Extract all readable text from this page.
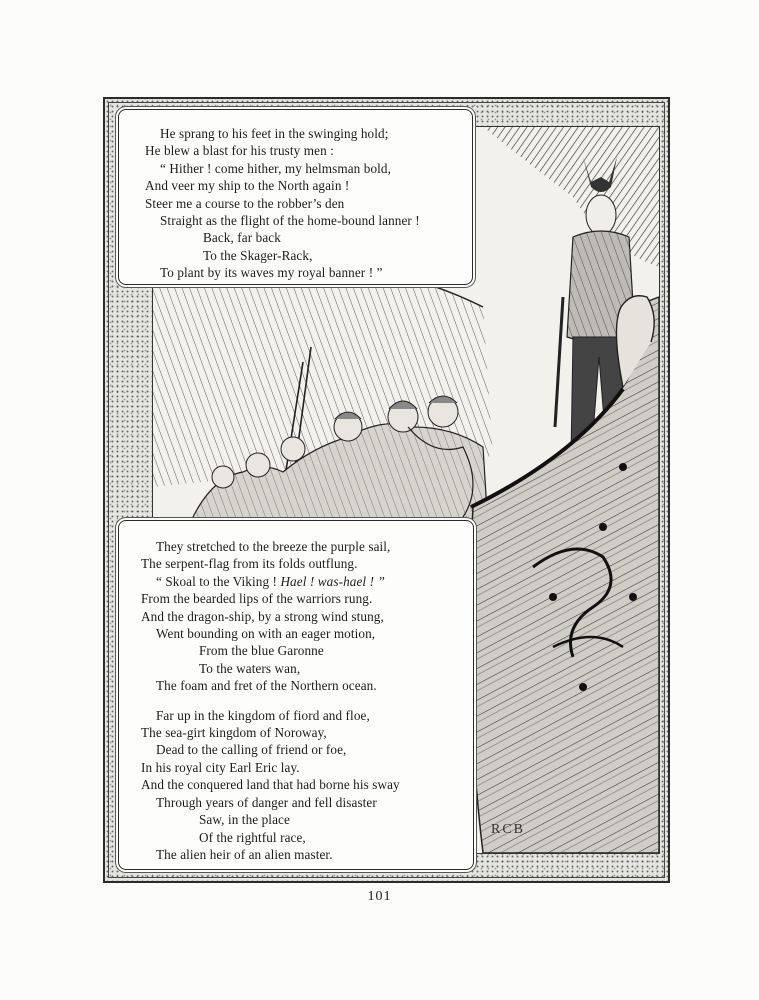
RCB
He sprang to his feet in the swinging hold;
He blew a blast for his trusty men :
“ Hither ! come hither, my helmsman bold,
And veer my ship to the North again !
Steer me a course to the robber’s den
Straight as the flight of the home-bound lanner !
Back, far back
To the Skager-Rack,
To plant by its waves my royal banner ! ”
They stretched to the breeze the purple sail,
The serpent-flag from its folds outflung.
“ Skoal to the Viking ! Hael ! was-hael ! ”
From the bearded lips of the warriors rung.
And the dragon-ship, by a strong wind stung,
Went bounding on with an eager motion,
From the blue Garonne
To the waters wan,
The foam and fret of the Northern ocean.
Far up in the kingdom of fiord and floe,
The sea-girt kingdom of Noroway,
Dead to the calling of friend or foe,
In his royal city Earl Eric lay.
And the conquered land that had borne his sway
Through years of danger and fell disaster
Saw, in the place
Of the rightful race,
The alien heir of an alien master.
101
